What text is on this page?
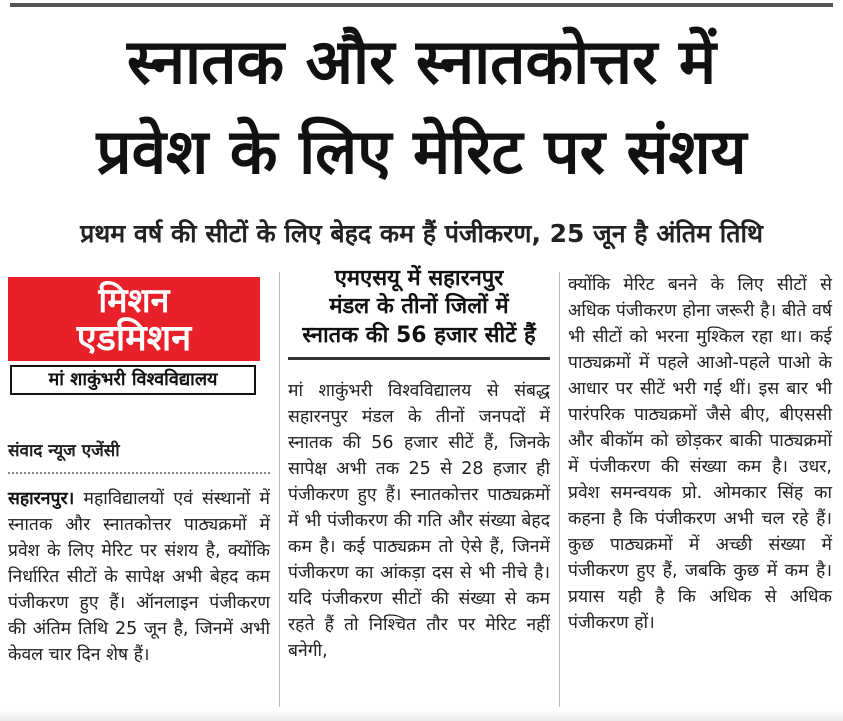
स्नातक और स्नातकोत्तर में
प्रवेश के लिए मेरिट पर संशय
प्रथम वर्ष की सीटों के लिए बेहद कम हैं पंजीकरण, 25 जून है अंतिम तिथि
मिशन
एडमिशन
मां शाकुंभरी विश्वविद्यालय
संवाद न्यूज एजेंसी
सहारनपुर। महाविद्यालयों एवं संस्थानों में स्नातक और स्नातकोत्तर पाठ्यक्रमों में प्रवेश के लिए मेरिट पर संशय है, क्योंकि निर्धारित सीटों के सापेक्ष अभी बेहद कम पंजीकरण हुए हैं। ऑनलाइन पंजीकरण की अंतिम तिथि 25 जून है, जिनमें अभी केवल चार दिन शेष हैं।
एमएसयू में सहारनपुर
मंडल के तीनों जिलों में
स्नातक की 56 हजार सीटें हैं
मां शाकुंभरी विश्वविद्यालय से संबद्ध सहारनपुर मंडल के तीनों जनपदों में स्नातक की 56 हजार सीटें हैं, जिनके सापेक्ष अभी तक 25 से 28 हजार ही पंजीकरण हुए हैं। स्नातकोत्तर पाठ्यक्रमों में भी पंजीकरण की गति और संख्या बेहद कम है। कई पाठ्यक्रम तो ऐसे हैं, जिनमें पंजीकरण का आंकड़ा दस से भी नीचे है। यदि पंजीकरण सीटों की संख्या से कम रहते हैं तो निश्चित तौर पर मेरिट नहीं बनेगी,
क्योंकि मेरिट बनने के लिए सीटों से अधिक पंजीकरण होना जरूरी है। बीते वर्ष भी सीटों को भरना मुश्किल रहा था। कई पाठ्यक्रमों में पहले आओ-पहले पाओ के आधार पर सीटें भरी गई थीं। इस बार भी पारंपरिक पाठ्यक्रमों जैसे बीए, बीएससी और बीकॉम को छोड़कर बाकी पाठ्यक्रमों में पंजीकरण की संख्या कम है। उधर, प्रवेश समन्वयक प्रो. ओमकार सिंह का कहना है कि पंजीकरण अभी चल रहे हैं। कुछ पाठ्यक्रमों में अच्छी संख्या में पंजीकरण हुए हैं, जबकि कुछ में कम है। प्रयास यही है कि अधिक से अधिक पंजीकरण हों।
